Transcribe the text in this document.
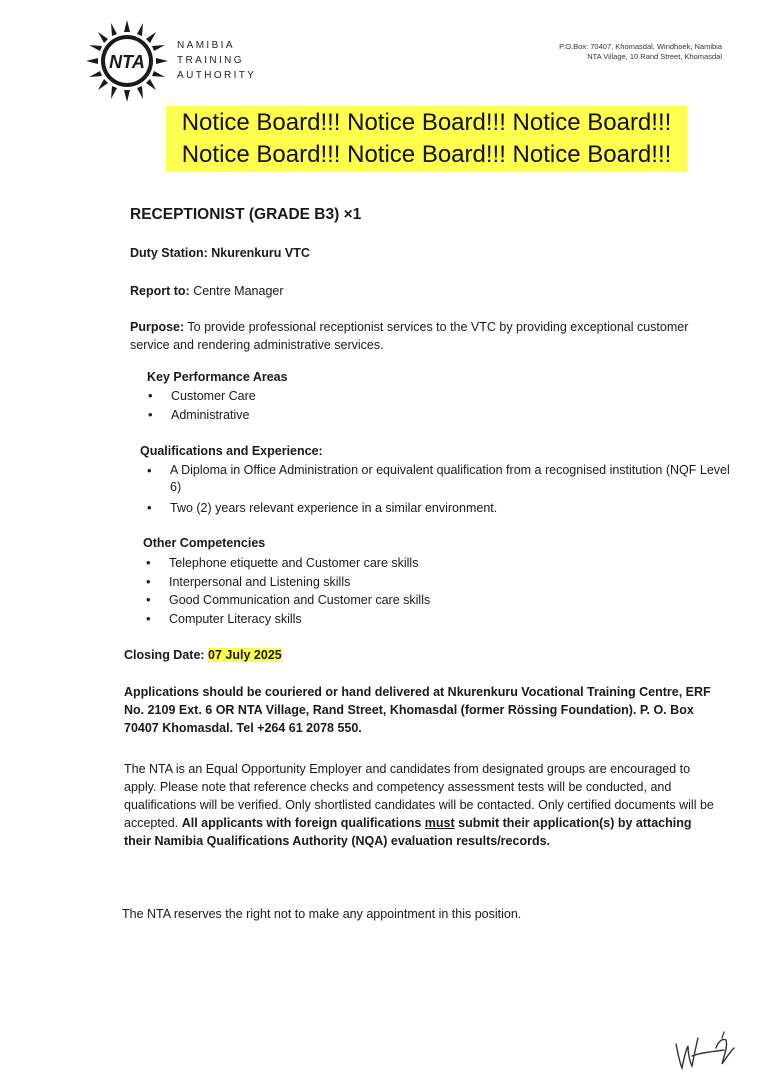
NTA
NAMIBIA
TRAINING
AUTHORITY
P.O.Box: 70407, Khomasdal, Windhoek, Namibia
NTA Village, 10 Rand Street, Khomasdal
Notice Board!!! Notice Board!!! Notice Board!!!
Notice Board!!! Notice Board!!! Notice Board!!!
RECEPTIONIST (GRADE B3) ×1
Duty Station: Nkurenkuru VTC
Report to: Centre Manager
Purpose: To provide professional receptionist services to the VTC by providing exceptional customer service and rendering administrative services.
Key Performance Areas
• Customer Care
• Administrative
Qualifications and Experience:
• A Diploma in Office Administration or equivalent qualification from a recognised institution (NQF Level 6)
• Two (2) years relevant experience in a similar environment.
Other Competencies
• Telephone etiquette and Customer care skills
• Interpersonal and Listening skills
• Good Communication and Customer care skills
• Computer Literacy skills
Closing Date: 07 July 2025
Applications should be couriered or hand delivered at Nkurenkuru Vocational Training Centre, ERF No. 2109 Ext. 6 OR NTA Village, Rand Street, Khomasdal (former Rössing Foundation). P. O. Box 70407 Khomasdal. Tel +264 61 2078 550.
The NTA is an Equal Opportunity Employer and candidates from designated groups are encouraged to apply. Please note that reference checks and competency assessment tests will be conducted, and qualifications will be verified. Only shortlisted candidates will be contacted. Only certified documents will be accepted. All applicants with foreign qualifications must submit their application(s) by attaching their Namibia Qualifications Authority (NQA) evaluation results/records.
The NTA reserves the right not to make any appointment in this position.
